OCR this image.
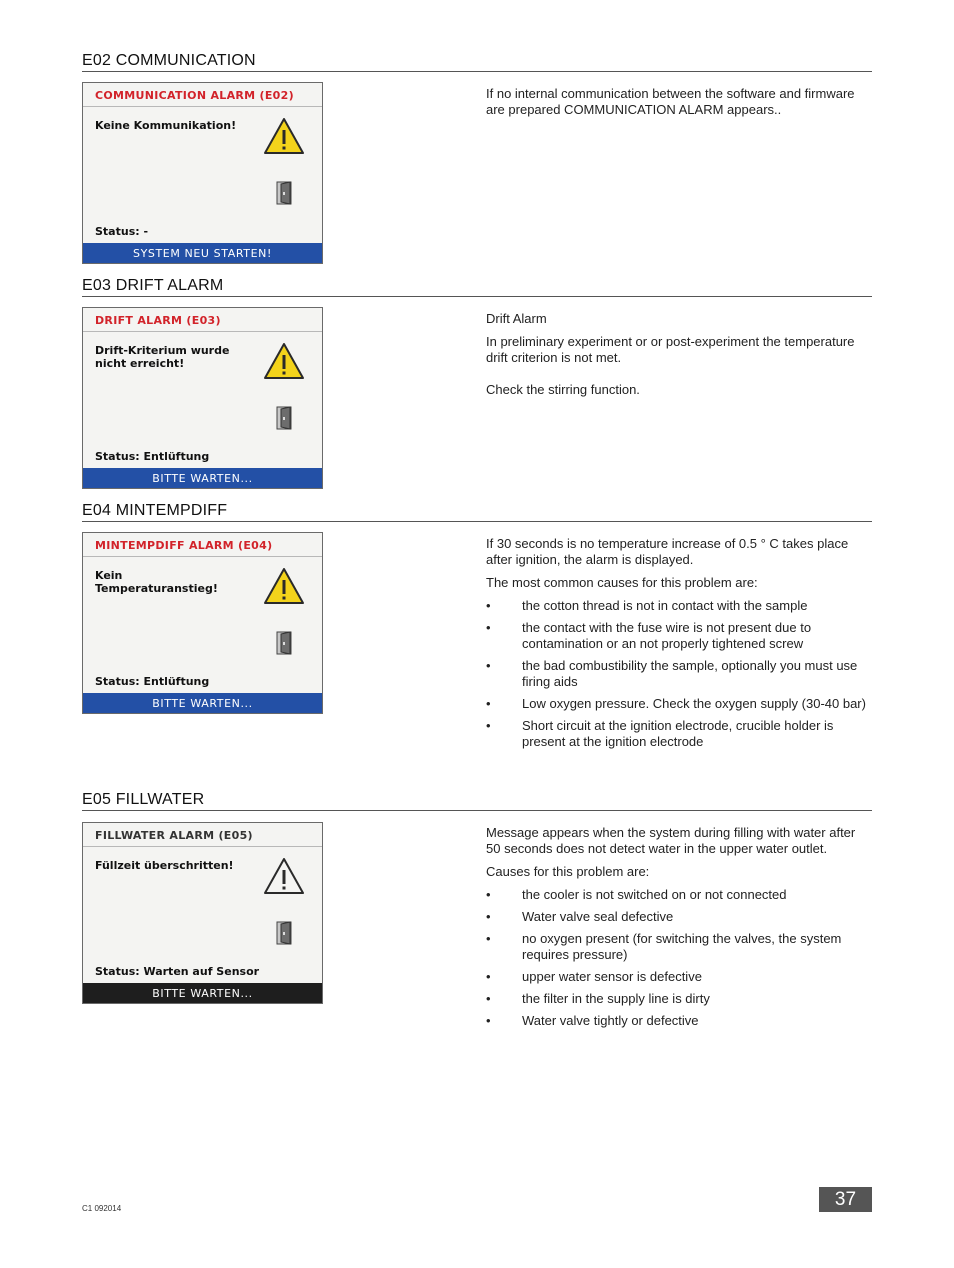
E02 COMMUNICATION
COMMUNICATION ALARM (E02)
Keine Kommunikation!
Status: -
SYSTEM NEU STARTEN!

If no internal communication between the software and firmware are prepared COMMUNICATION ALARM appears..

E03 DRIFT ALARM
DRIFT ALARM (E03)
Drift-Kriterium wurde nicht erreicht!
Status: Entlüftung
BITTE WARTEN...

Drift Alarm

In preliminary experiment or or post-experiment the temperature drift criterion is not met.

Check the stirring function.

E04 MINTEMPDIFF
MINTEMPDIFF ALARM (E04)
Kein Temperaturanstieg!
Status: Entlüftung
BITTE WARTEN...

If 30 seconds is no temperature increase of 0.5 ° C takes place after ignition, the alarm is displayed.

The most common causes for this problem are:

• the cotton thread is not in contact with the sample
• the contact with the fuse wire is not present due to contamination or an not properly tightened screw
• the bad combustibility the sample, optionally you must use firing aids
• Low oxygen pressure. Check the oxygen supply (30-40 bar)
• Short circuit at the ignition electrode, crucible holder is present at the ignition electrode
E05 FILLWATER
FILLWATER ALARM (E05)
Füllzeit überschritten!
Status: Warten auf Sensor
BITTE WARTEN...

Message appears when the system during filling with water after 50 seconds does not detect water in the upper water outlet.

Causes for this problem are:

• the cooler is not switched on or not connected
• Water valve seal defective
• no oxygen present (for switching the valves, the system requires pressure)
• upper water sensor is defective
• the filter in the supply line is dirty
• Water valve tightly or defective
C1 092014	37
